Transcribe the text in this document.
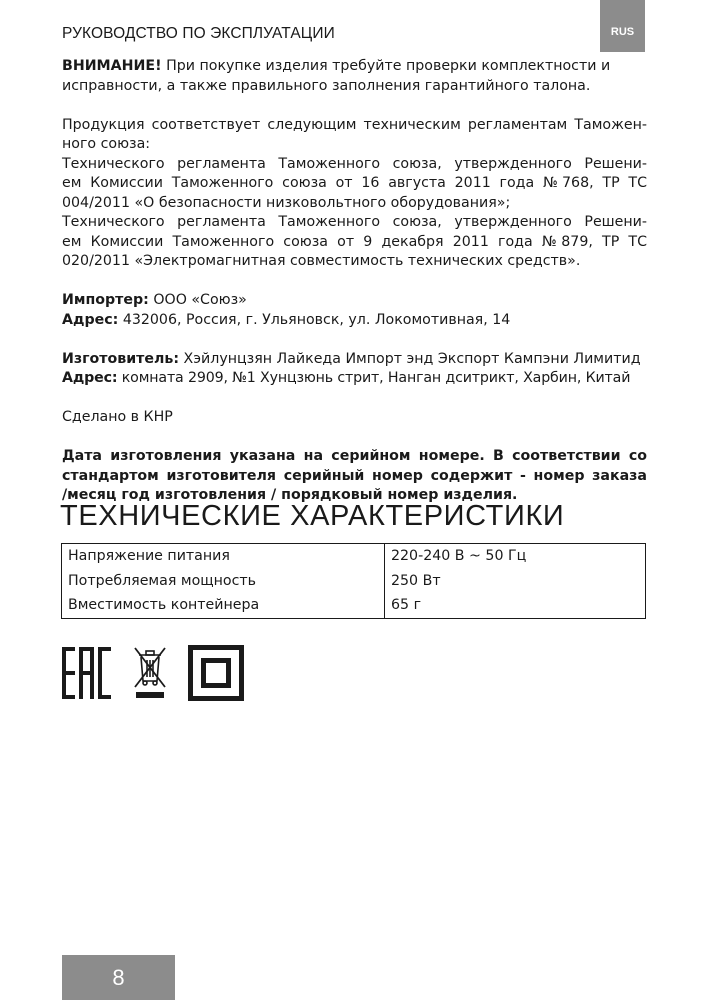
РУКОВОДСТВО ПО ЭКСПЛУАТАЦИИ	RUS

ВНИМАНИЕ! При покупке изделия требуйте проверки комплектности и
исправности, а также правильного заполнения гарантийного талона.

Продукция соответствует следующим техническим регламентам Таможен-

ного союза:

Технического регламента Таможенного союза, утвержденного Решени-

ем Комиссии Таможенного союза от 16 августа 2011 года №768, ТР ТС

004/2011 «О безопасности низковольтного оборудования»;

Технического регламента Таможенного союза, утвержденного Решени-

ем Комиссии Таможенного союза от 9 декабря 2011 года №879, ТР ТС

020/2011 «Электромагнитная совместимость технических средств».

Импортер: ООО «Союз»

Адрес: 432006, Россия, г. Ульяновск, ул. Локомотивная, 14

Изготовитель: Хэйлунцзян Лайкеда Импорт энд Экспорт Кампэни Лимитид

Адрес: комната 2909, №1 Хунцзюнь стрит, Нанган дситрикт, Харбин, Китай

Сделано в КНР

Дата изготовления указана на серийном номере. В соответствии со

стандартом изготовителя серийный номер содержит - номер заказа

/месяц год изготовления / порядковый номер изделия.

ТЕХНИЧЕСКИЕ ХАРАКТЕРИСТИКИ
Напряжение питания	220-240 В ~ 50 Гц
Потребляемая мощность	250 Вт
Вместимость контейнера	65 г
8
